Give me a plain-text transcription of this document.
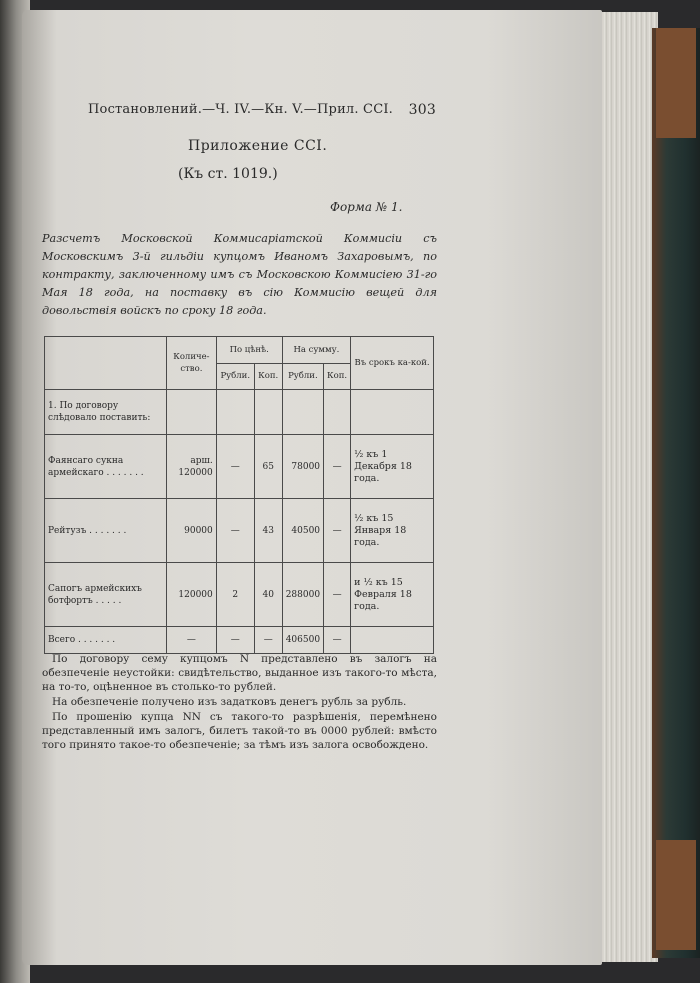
Постановлений.—Ч. IV.—Кн. V.—Прил. CCI. 303
Приложение CCI.
(Къ ст. 1019.)
Форма № 1.
Разсчетъ Московской Коммисаріатской Коммисіи съ Московскимъ 3-й гильдіи купцомъ Иваномъ Захаровымъ, по контракту, заключенному имъ съ Московскою Коммисіею 31-го Мая 18 года, на поставку въ сію Коммисію вещей для довольствія войскъ по сроку 18 года.
	Количе-ство.	По цѣнѣ.		На сумму.		Въ срокъ ка-кой.
		Рубли.	Коп.	Рубли.	Коп.	
1. По договору слѣдовало поставить:						
Фаянсаго сукна армейскаго . . . . . . .	арш. 120000	—	65	78000	—	½ къ 1 Декабря 18 года.
Рейтузъ . . . . . . .	90000	—	43	40500	—	½ къ 15 Января 18 года.
Сапогъ армейскихъ ботфортъ . . . . .	120000	2	40	288000	—	и ½ къ 15 Февраля 18 года.
Всего . . . . . . .	—	—	—	406500	—	

По договору сему купцомъ N представлено въ залогъ на обезпеченіе неустойки: свидѣтельство, выданное изъ такого-то мѣста, на то-то, оцѣненное въ столько-то рублей.

На обезпеченіе получено изъ задатковъ денегъ рубль за рубль.

По прошенію купца NN съ такого-то разрѣшенія, перемѣнено представленный имъ залогъ, билетъ такой-то въ 0000 рублей: вмѣсто того принято такое-то обезпеченіе; за тѣмъ изъ залога освобождено.
